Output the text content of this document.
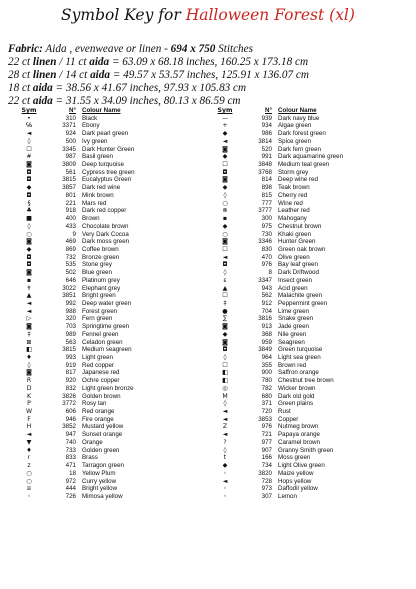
Symbol Key for Halloween Forest (xl)
Fabric: Aida , evenweave or linen - 694 x 750 Stitches
22 ct linen / 11 ct aida = 63.09 x 68.18 inches, 160.25 x 173.18 cm
28 ct linen / 14 ct aida = 49.57 x 53.57 inches, 125.91 x 136.07 cm
18 ct aida = 38.56 x 41.67 inches, 97.93 x 105.83 cm
22 ct aida = 31.55 x 34.09 inches, 80.13 x 86.59 cm
Sym	N° Colour Name
•	310 Black
℅	3371 Ebony
◄	924 Dark pearl green
◊	500 Ivy green
☐	3345 Dark Hunter Green
#	987 Basil green
◙	3809 Deep turquoise
◘	561 Cypress tree green
◘	3815 Eucalyptus Green
◆	3857 Dark red wine
◘	801 Mink brown
§	221 Mars red
♣	918 Dark red copper
■	400 Brown
◊	433 Chocolate brown
○	9 Very Dark Cocoa
◙	469 Dark moss green
◆	869 Coffee brown
◘	732 Bronze green
◘	535 Stone grey
◙	502 Blue green
▪	646 Platinum grey
✝	3022 Elephant grey
▲	3851 Bright green
◄	992 Deep water green
◄	988 Forest green
▷	320 Fern green
◙	703 Springtime green
‡	989 Fennel green
⊠	563 Celadon green
◧	3815 Medium seagreen
♦	993 Light green
◊	919 Red copper
◙	817 Japanese red
R	920 Ochre copper
D	832 Light green bronze
K	3826 Golden brown
P	3772 Rosy tan
W	606 Red orange
F	946 Fire orange
H	3852 Mustard yellow
◄	947 Sunset orange
▼	740 Orange
♦	733 Golden green
r	833 Brass
z	471 Tarragon green
○	18 Yellow Plum
○	972 Curry yellow
≡	444 Bright yellow
◦	726 Mimosa yellow
Sym	N° Colour Name
—	939 Dark navy blue
+	934 Algae green
◆	986 Dark forest green
◄	3814 Spice green
◙	520 Dark fern green
◆	991 Dark aquamarine green
☐	3848 Medium teal green
◘	3768 Storm grey
◙	814 Deep wine red
◆	898 Teak brown
◊	815 Cherry red
○	777 Wine red
⊗	3777 Leather red
▪	300 Mahogany
◆	975 Chestnut brown
○	730 Khaki green
◙	3346 Hunter Green
☐	830 Green oak brown
◄	470 Olive green
◘	976 Bay leaf green
◊	8 Dark Driftwood
ε	3347 Insect green
▲	943 Acid green
☐	562 Malachite green
‡	912 Peppermint green
●	704 Lime green
∑	3816 Snake green
◙	913 Jade green
◆	368 Nile green
◙	959 Seagreen
◘	3849 Green turquoise
◊	964 Light sea green
☐	355 Brown red
◧	900 Saffron orange
◧	780 Chestnut tree brown
◎	782 Wicker brown
M	680 Dark old gold
◊	371 Green plains
◄	720 Rust
◄	3853 Copper
Z	976 Nutmeg brown
◄	721 Papaya orange
?	977 Caramel brown
◊	907 Granny Smith green
t	166 Moss green
◆	734 Light Olive green
◦	3820 Maize yellow
◄	728 Hops yellow
◦	973 Daffodil yellow
◦	307 Lemon
